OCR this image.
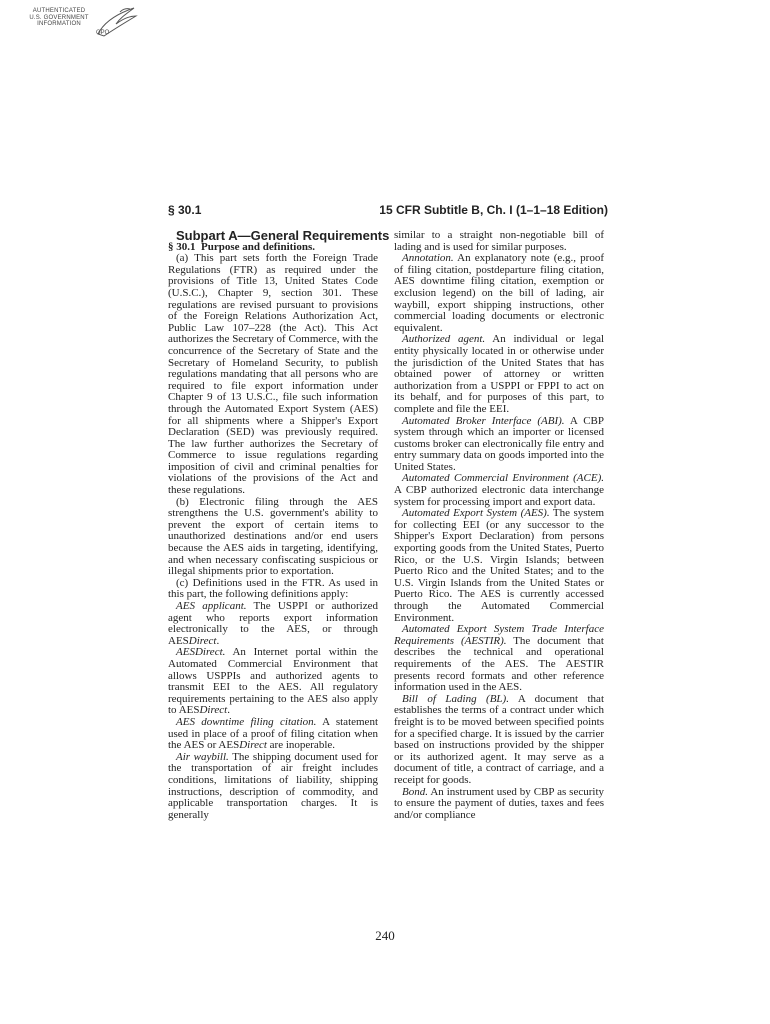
AUTHENTICATED
U.S. GOVERNMENT
INFORMATION
GPO
§ 30.1	15 CFR Subtitle B, Ch. I (1–1–18 Edition)

Subpart A—General Requirements

§ 30.1 Purpose and definitions.

(a) This part sets forth the Foreign Trade Regulations (FTR) as required under the provisions of Title 13, United States Code (U.S.C.), Chapter 9, section 301. These regulations are revised pursuant to provisions of the Foreign Relations Authorization Act, Public Law 107–228 (the Act). This Act authorizes the Secretary of Commerce, with the concurrence of the Secretary of State and the Secretary of Homeland Security, to publish regulations mandating that all persons who are required to file export information under Chapter 9 of 13 U.S.C., file such information through the Automated Export System (AES) for all shipments where a Shipper's Export Declaration (SED) was previously required. The law further authorizes the Secretary of Commerce to issue regulations regarding imposition of civil and criminal penalties for violations of the provisions of the Act and these regulations.

(b) Electronic filing through the AES strengthens the U.S. government's ability to prevent the export of certain items to unauthorized destinations and/or end users because the AES aids in targeting, identifying, and when necessary confiscating suspicious or illegal shipments prior to exportation.

(c) Definitions used in the FTR. As used in this part, the following definitions apply:

AES applicant. The USPPI or authorized agent who reports export information electronically to the AES, or through AESDirect.

AESDirect. An Internet portal within the Automated Commercial Environment that allows USPPIs and authorized agents to transmit EEI to the AES. All regulatory requirements pertaining to the AES also apply to AESDirect.

AES downtime filing citation. A statement used in place of a proof of filing citation when the AES or AESDirect are inoperable.

Air waybill. The shipping document used for the transportation of air freight includes conditions, limitations of liability, shipping instructions, description of commodity, and applicable transportation charges. It is generally

similar to a straight non-negotiable bill of lading and is used for similar purposes.

Annotation. An explanatory note (e.g., proof of filing citation, postdeparture filing citation, AES downtime filing citation, exemption or exclusion legend) on the bill of lading, air waybill, export shipping instructions, other commercial loading documents or electronic equivalent.

Authorized agent. An individual or legal entity physically located in or otherwise under the jurisdiction of the United States that has obtained power of attorney or written authorization from a USPPI or FPPI to act on its behalf, and for purposes of this part, to complete and file the EEI.

Automated Broker Interface (ABI). A CBP system through which an importer or licensed customs broker can electronically file entry and entry summary data on goods imported into the United States.

Automated Commercial Environment (ACE). A CBP authorized electronic data interchange system for processing import and export data.

Automated Export System (AES). The system for collecting EEI (or any successor to the Shipper's Export Declaration) from persons exporting goods from the United States, Puerto Rico, or the U.S. Virgin Islands; between Puerto Rico and the United States; and to the U.S. Virgin Islands from the United States or Puerto Rico. The AES is currently accessed through the Automated Commercial Environment.

Automated Export System Trade Interface Requirements (AESTIR). The document that describes the technical and operational requirements of the AES. The AESTIR presents record formats and other reference information used in the AES.

Bill of Lading (BL). A document that establishes the terms of a contract under which freight is to be moved between specified points for a specified charge. It is issued by the carrier based on instructions provided by the shipper or its authorized agent. It may serve as a document of title, a contract of carriage, and a receipt for goods.

Bond. An instrument used by CBP as security to ensure the payment of duties, taxes and fees and/or compliance

240
